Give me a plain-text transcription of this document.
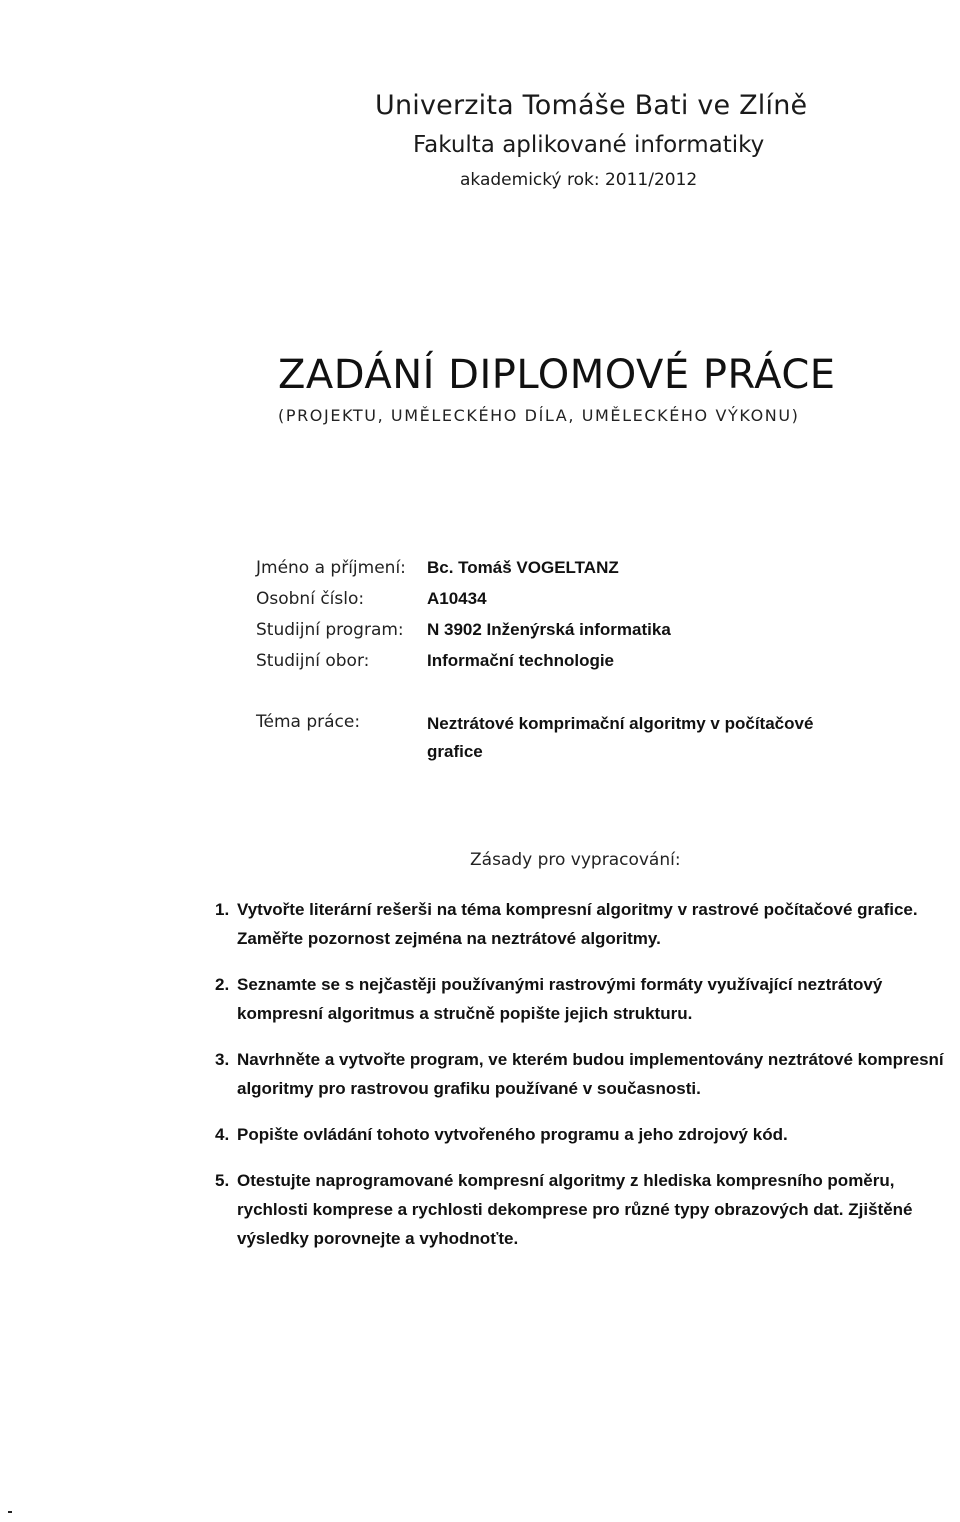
Univerzita Tomáše Bati ve Zlíně
Fakulta aplikované informatiky
akademický rok: 2011/2012
ZADÁNÍ DIPLOMOVÉ PRÁCE
(PROJEKTU, UMĚLECKÉHO DÍLA, UMĚLECKÉHO VÝKONU)
Jméno a příjmení: Bc. Tomáš VOGELTANZ
Osobní číslo:	A10434
Studijní program: N 3902 Inženýrská informatika
Studijní obor:	Informační technologie
Téma práce:	Neztrátové komprimační algoritmy v počítačové grafice
Zásady pro vypracování:
1. Vytvořte literární rešerši na téma kompresní algoritmy v rastrové počítačové grafice. Zaměřte pozornost zejména na neztrátové algoritmy.
2. Seznamte se s nejčastěji používanými rastrovými formáty využívající neztrátový kompresní algoritmus a stručně popište jejich strukturu.
3. Navrhněte a vytvořte program, ve kterém budou implementovány neztrátové kompresní algoritmy pro rastrovou grafiku používané v současnosti.
4. Popište ovládání tohoto vytvořeného programu a jeho zdrojový kód.
5. Otestujte naprogramované kompresní algoritmy z hlediska kompresního poměru, rychlosti komprese a rychlosti dekomprese pro různé typy obrazových dat. Zjištěné výsledky porovnejte a vyhodnoťte.
